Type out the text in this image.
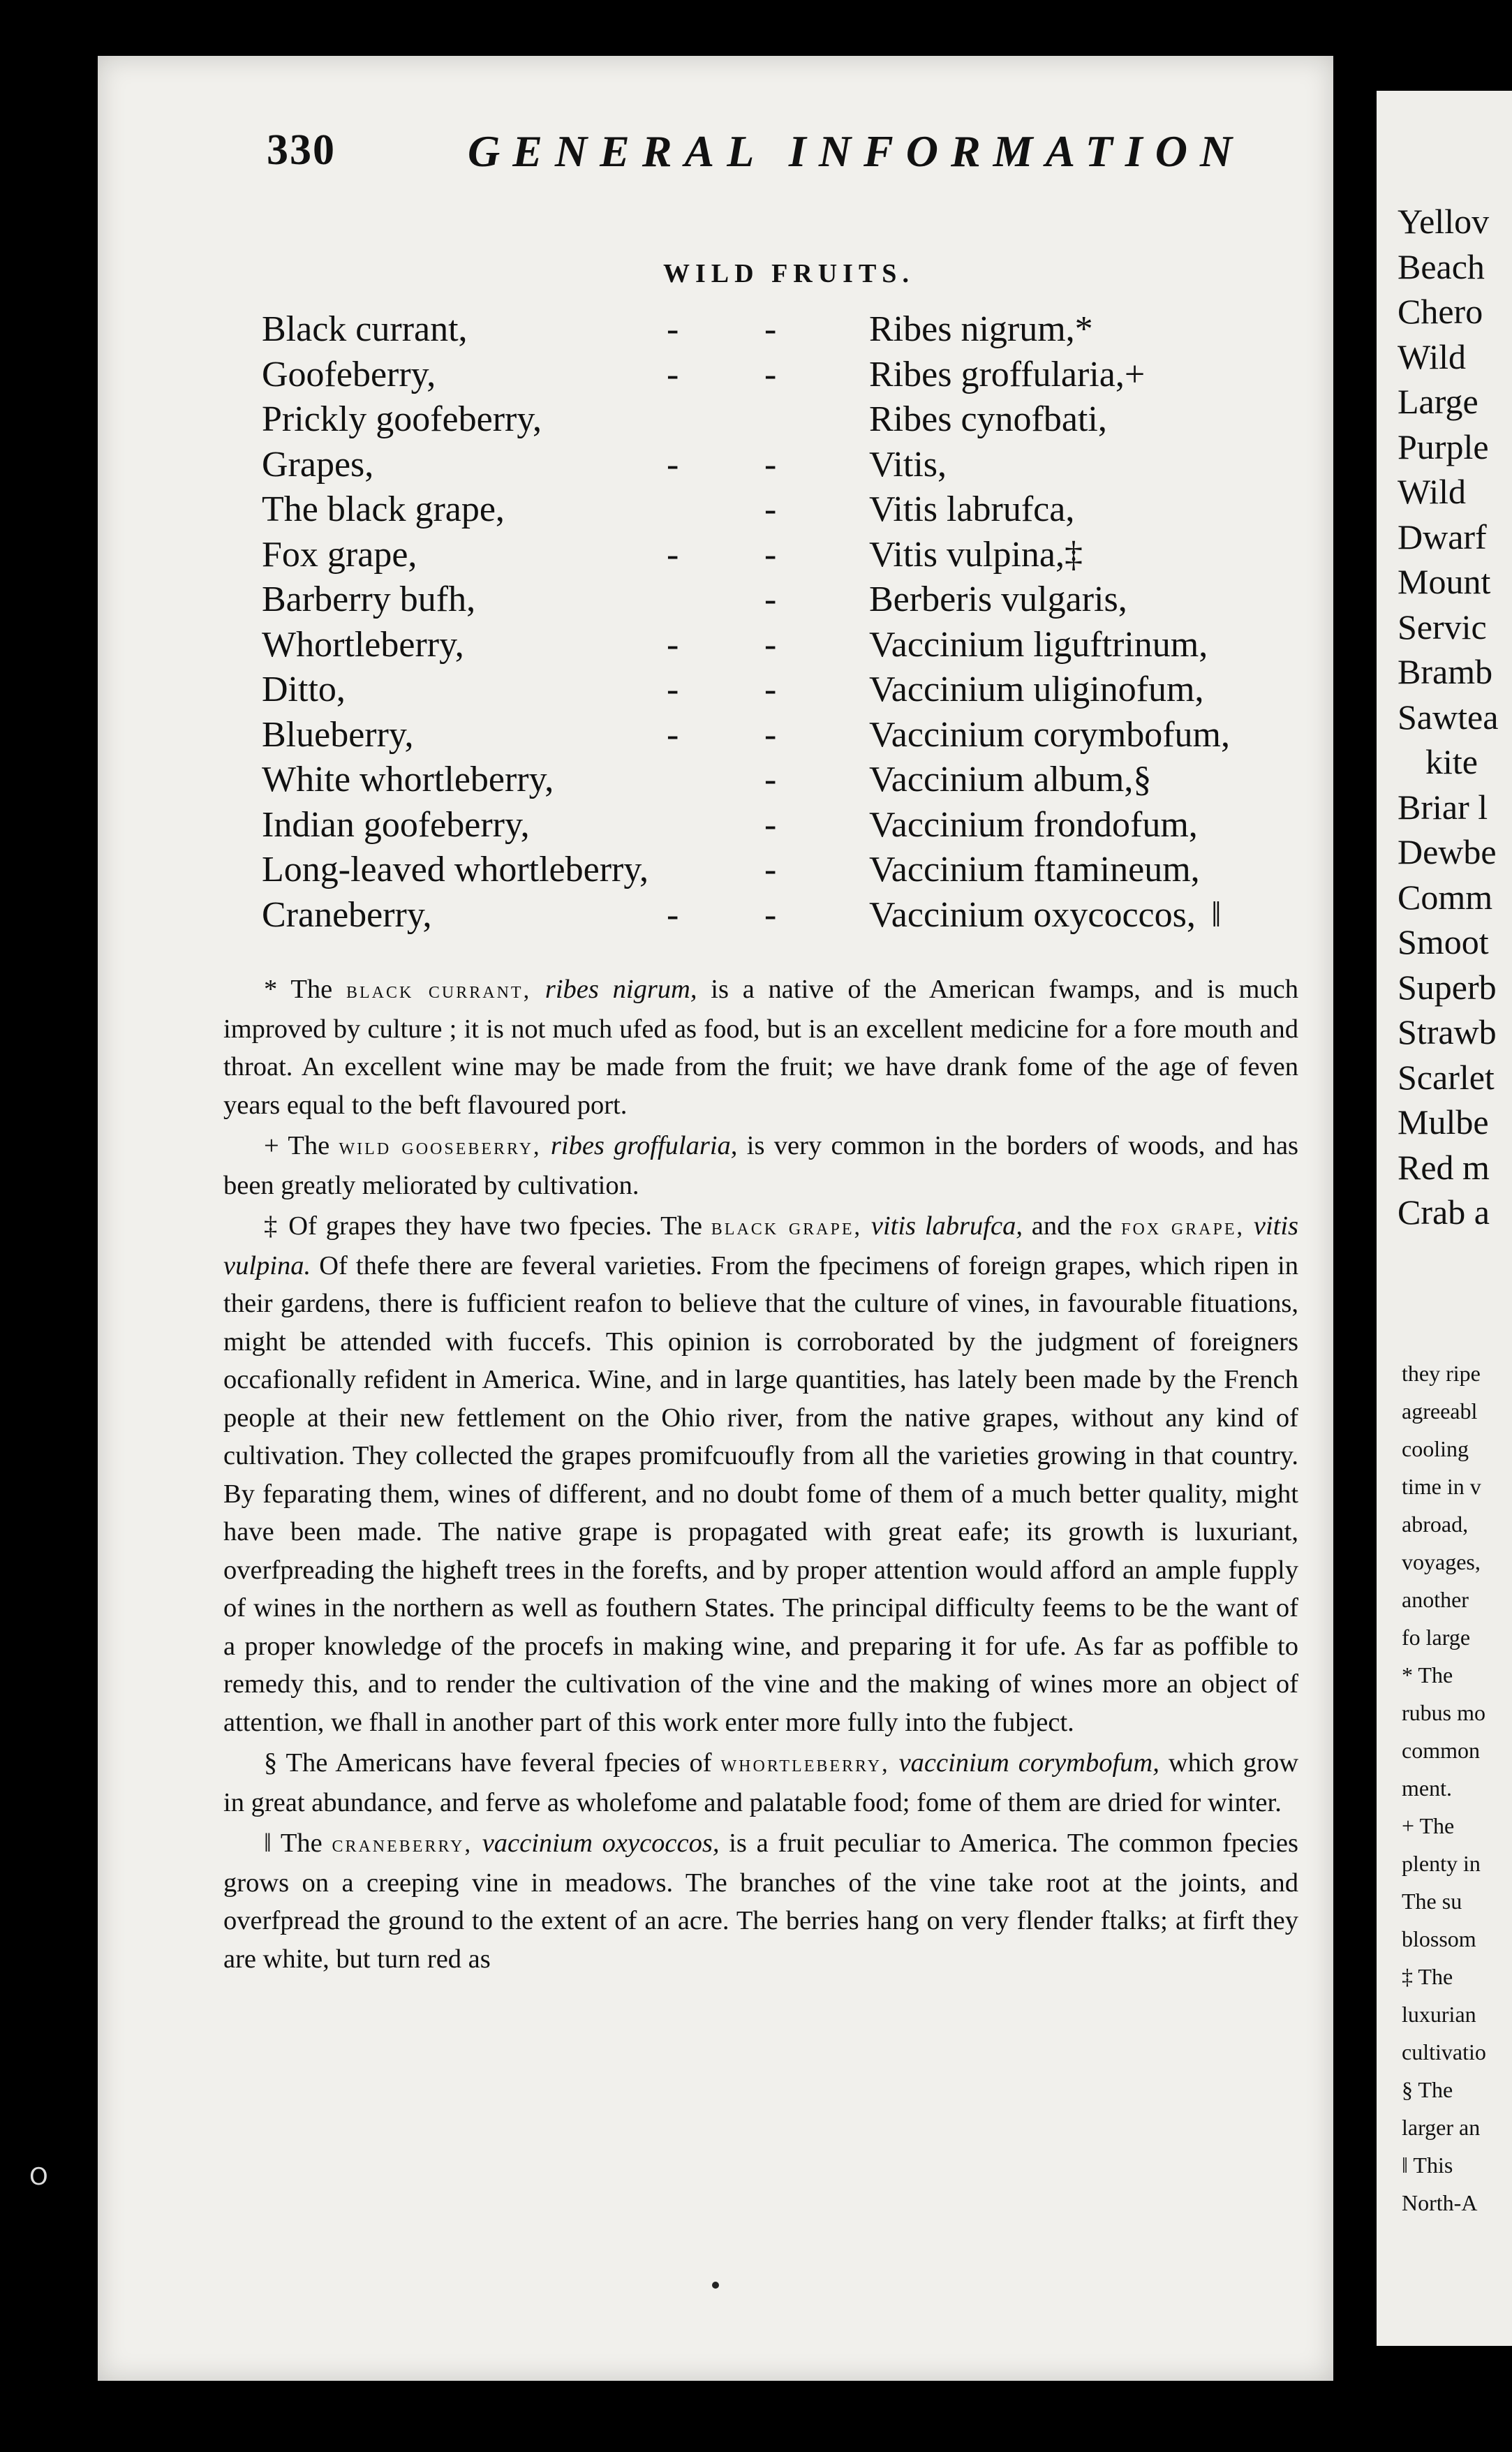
330	GENERAL INFORMATION
WILD FRUITS.
Black currant,	- -	Ribes nigrum,*
Goofeberry,	- -	Ribes groffularia,+
Prickly goofeberry,	Ribes cynofbati,
Grapes,	- -	Vitis,
The black grape,	-	Vitis labrufca,
Fox grape,	- -	Vitis vulpina,‡
Barberry bufh,	-	Berberis vulgaris,
Whortleberry,	- -	Vaccinium liguftrinum,
Ditto,	- -	Vaccinium uliginofum,
Blueberry,	- -	Vaccinium corymbofum,
White whortleberry,	-	Vaccinium album,§
Indian goofeberry,	-	Vaccinium frondofum,
Long-leaved whortleberry,	-	Vaccinium ftamineum,
Craneberry,	- -	Vaccinium oxycoccos, ‖

* The black currant, ribes nigrum, is a native of the American fwamps, and is much improved by culture ; it is not much ufed as food, but is an excellent medicine for a fore mouth and throat. An excellent wine may be made from the fruit; we have drank fome of the age of feven years equal to the beft flavoured port.

+ The wild gooseberry, ribes groffularia, is very common in the borders of woods, and has been greatly meliorated by cultivation.

‡ Of grapes they have two fpecies. The black grape, vitis labrufca, and the fox grape, vitis vulpina. Of thefe there are feveral varieties. From the fpecimens of foreign grapes, which ripen in their gardens, there is fufficient reafon to believe that the culture of vines, in favourable fituations, might be attended with fuccefs. This opinion is corroborated by the judgment of foreigners occafionally refident in America. Wine, and in large quantities, has lately been made by the French people at their new fettlement on the Ohio river, from the native grapes, without any kind of cultivation. They collected the grapes promifcuoufly from all the varieties growing in that country. By feparating them, wines of different, and no doubt fome of them of a much better quality, might have been made. The native grape is propagated with great eafe; its growth is luxuriant, overfpreading the higheft trees in the forefts, and by proper attention would afford an ample fupply of wines in the northern as well as fouthern States. The principal difficulty feems to be the want of a proper knowledge of the procefs in making wine, and preparing it for ufe. As far as poffible to remedy this, and to render the cultivation of the vine and the making of wines more an object of attention, we fhall in another part of this work enter more fully into the fubject.

§ The Americans have feveral fpecies of whortleberry, vaccinium corymbofum, which grow in great abundance, and ferve as wholefome and palatable food; fome of them are dried for winter.

‖ The craneberry, vaccinium oxycoccos, is a fruit peculiar to America. The common fpecies grows on a creeping vine in meadows. The branches of the vine take root at the joints, and overfpread the ground to the extent of an acre. The berries hang on very flender ftalks; at firft they are white, but turn red as

Yellov
Beach
Chero
Wild
Large
Purple
Wild
Dwarf
Mount
Servic
Bramb
Sawtea
kite
Briar l
Dewbe
Comm
Smoot
Superb
Strawb
Scarlet
Mulbe
Red m
Crab a
they ripe
agreeabl
cooling
time in v
abroad,
voyages,
another
fo large
* The
rubus mo
common
ment.
+ The
plenty in
The su
blossom
‡ The
luxurian
cultivatio
§ The
larger an
‖ This
North-A
O
